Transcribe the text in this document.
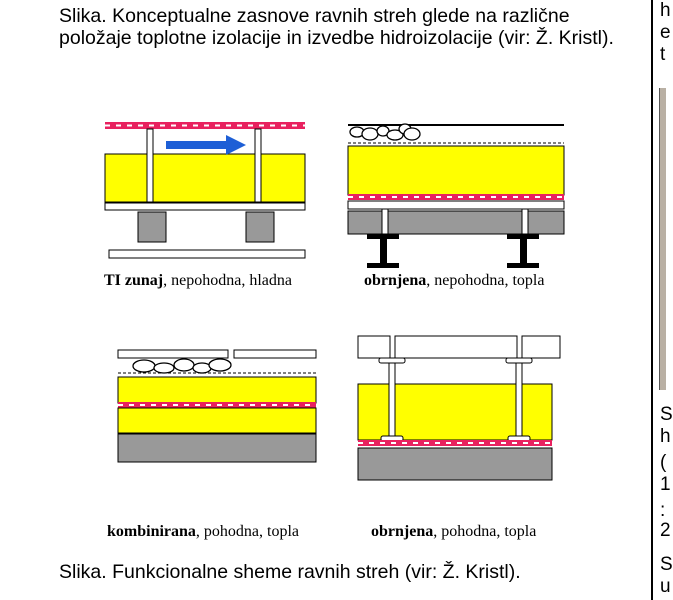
Slika. Konceptualne zasnove ravnih streh glede na različne položaje toplotne izolacije in izvedbe hidroizolacije (vir: Ž. Kristl).
TI zunaj, nepohodna, hladna	obrnjena, nepohodna, topla
kombinirana, pohodna, topla	obrnjena, pohodna, topla
Slika. Funkcionalne sheme ravnih streh (vir: Ž. Kristl).
h
e
t
S
h
(
1
:
2
S
u
